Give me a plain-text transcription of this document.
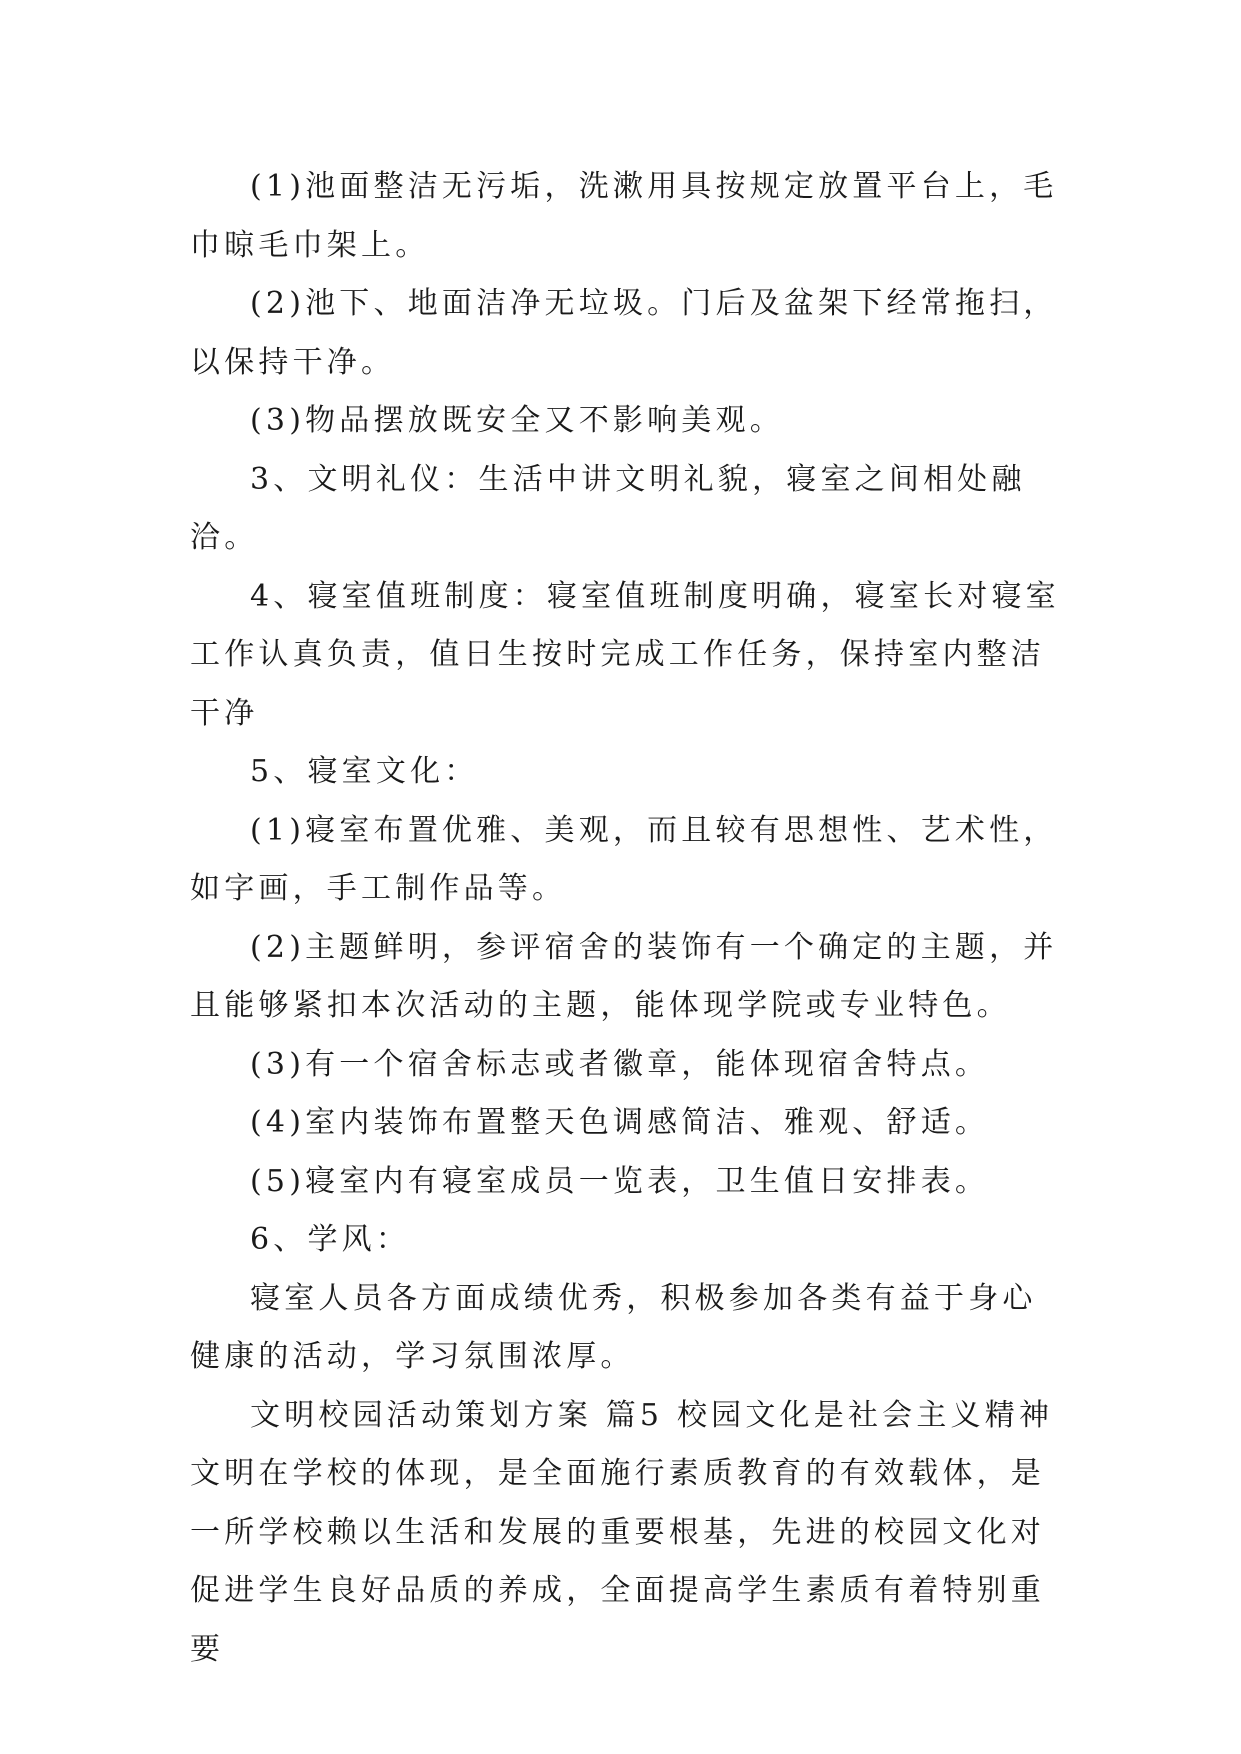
(1)池面整洁无污垢，洗漱用具按规定放置平台上，毛巾晾毛巾架上。

(2)池下、地面洁净无垃圾。门后及盆架下经常拖扫，以保持干净。

(3)物品摆放既安全又不影响美观。

3、文明礼仪：生活中讲文明礼貌，寝室之间相处融洽。

4、寝室值班制度：寝室值班制度明确，寝室长对寝室工作认真负责，值日生按时完成工作任务，保持室内整洁干净

5、寝室文化：

(1)寝室布置优雅、美观，而且较有思想性、艺术性，如字画，手工制作品等。

(2)主题鲜明，参评宿舍的装饰有一个确定的主题，并且能够紧扣本次活动的主题，能体现学院或专业特色。

(3)有一个宿舍标志或者徽章，能体现宿舍特点。

(4)室内装饰布置整天色调感简洁、雅观、舒适。

(5)寝室内有寝室成员一览表，卫生值日安排表。

6、学风：

寝室人员各方面成绩优秀，积极参加各类有益于身心健康的活动，学习氛围浓厚。

文明校园活动策划方案 篇5 校园文化是社会主义精神文明在学校的体现，是全面施行素质教育的有效载体，是一所学校赖以生活和发展的重要根基，先进的校园文化对促进学生良好品质的养成，全面提高学生素质有着特别重要
